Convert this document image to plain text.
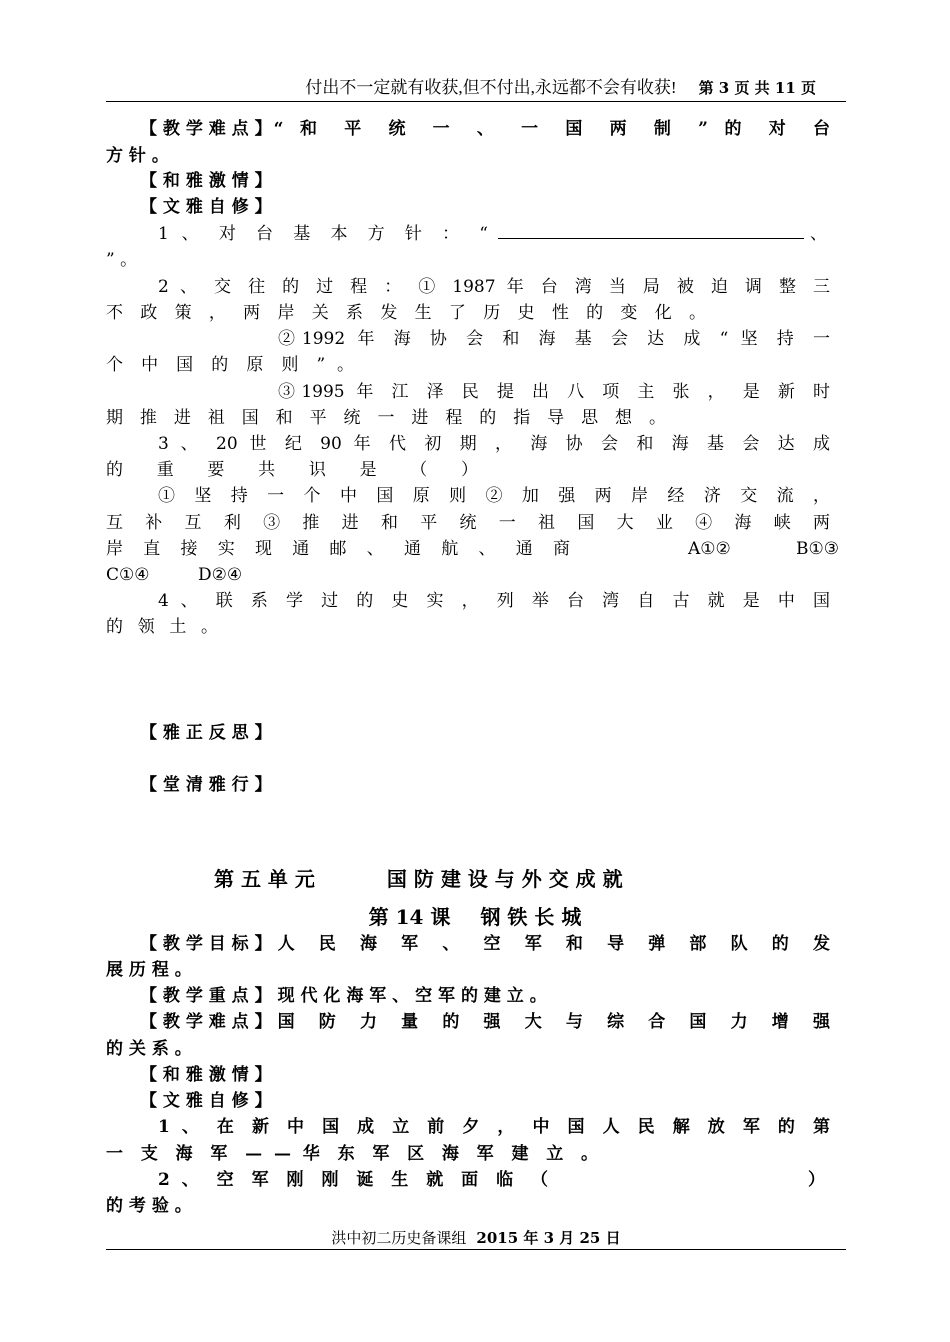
付出不一定就有收获,但不付出,永远都不会有收获! 第 3 页 共 11 页
【 教 学 难 点 】 “ 和 平 统 一 、 一 国 两 制 ” 的 对 台
方 针 。
【 和 雅 激 情 】
【 文 雅 自 修 】
1 、 对 台 基 本 方 针 ： “	、
” 。
2 、 交 往 的 过 程 ： ① 1987 年 台 湾 当 局 被 迫 调 整 三
不 政 策 ， 两 岸 关 系 发 生 了 历 史 性 的 变 化 。
②1992 年 海 协 会 和 海 基 会 达 成 “ 坚 持 一
个 中 国 的 原 则 ” 。
③1995 年 江 泽 民 提 出 八 项 主 张 ， 是 新 时
期 推 进 祖 国 和 平 统 一 进 程 的 指 导 思 想 。
3 、 20 世 纪 90 年 代 初 期 ， 海 协 会 和 海 基 会 达 成
的 重 要 共 识 是 （ ）
① 坚 持 一 个 中 国 原 则 ② 加 强 两 岸 经 济 交 流 ，
互 补 互 利 ③ 推 进 和 平 统 一 祖 国 大 业 ④ 海 峡 两
岸 直 接 实 现 通 邮 、 通 航 、 通 商	A①②	B①③
C①④	D②④
4 、 联 系 学 过 的 史 实 ， 列 举 台 湾 自 古 就 是 中 国
的 领 土 。
【 雅 正 反 思 】
【 堂 清 雅 行 】
第 五 单 元	国 防 建 设 与 外 交 成 就
第 14 课 钢 铁 长 城
【 教 学 目 标 】 人 民 海 军 、 空 军 和 导 弹 部 队 的 发
展 历 程 。
【 教 学 重 点 】 现 代 化 海 军 、 空 军 的 建 立 。
【 教 学 难 点 】 国 防 力 量 的 强 大 与 综 合 国 力 增 强
的 关 系 。
【 和 雅 激 情 】
【 文 雅 自 修 】
1 、 在 新 中 国 成 立 前 夕 ， 中 国 人 民 解 放 军 的 第
一 支 海 军 — — 华 东 军 区 海 军 建 立 。
2 、 空 军 刚 刚 诞 生 就 面 临 （	）
的 考 验 。
洪中初二历史备课组 2015 年 3 月 25 日
